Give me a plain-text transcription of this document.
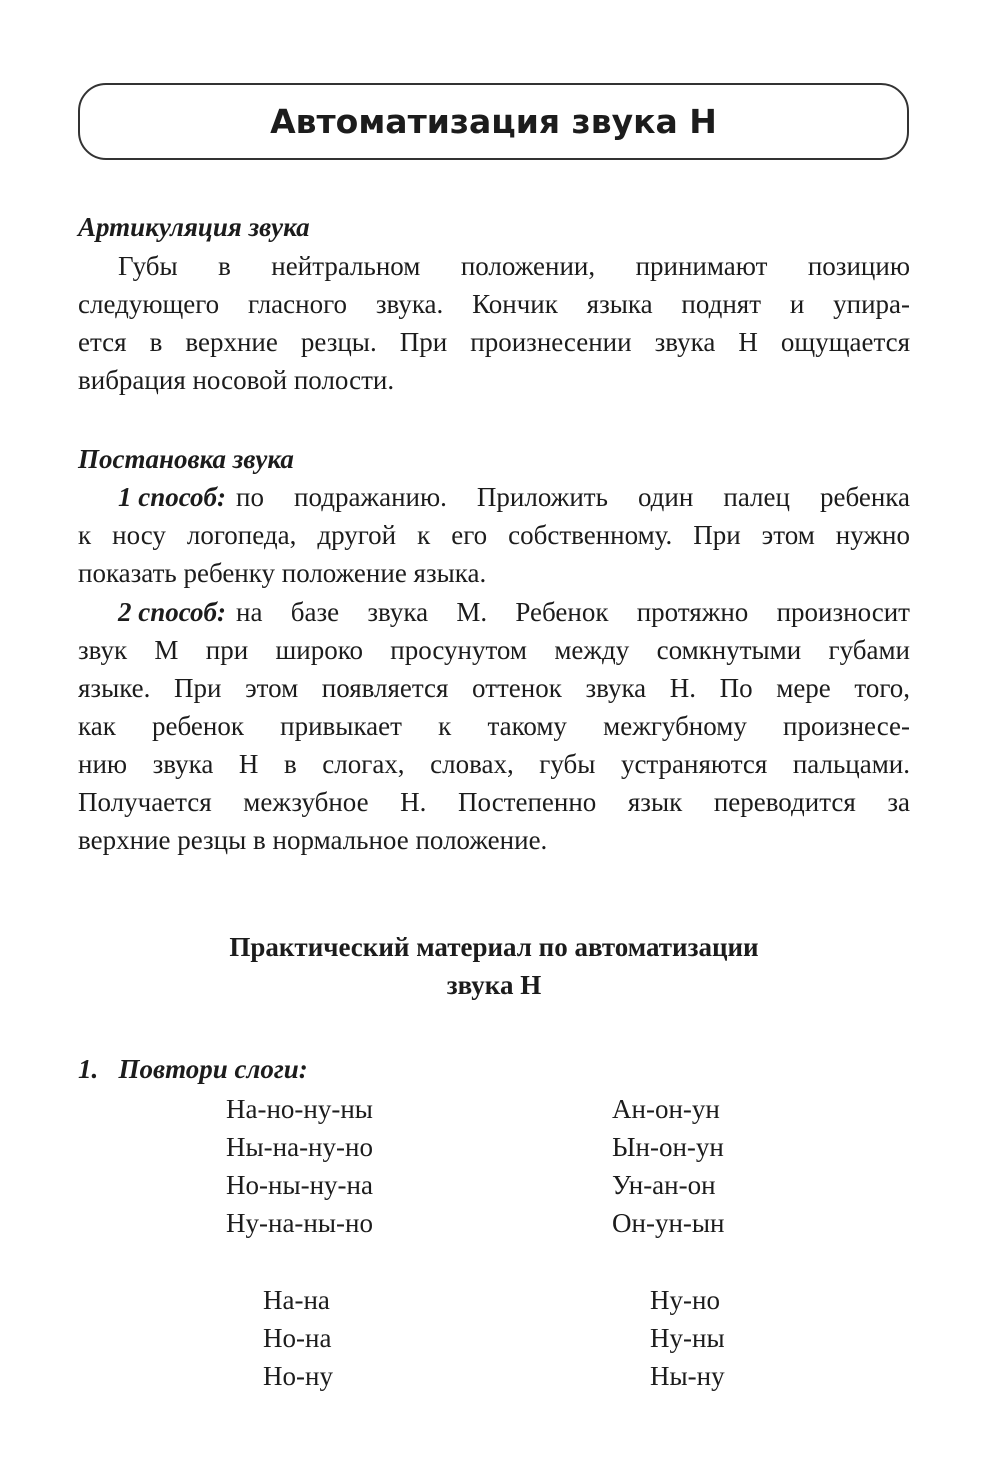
Автоматизация звука Н
Артикуляция звука
Губы в нейтральном положении, принимают позицию
следующего гласного звука. Кончик языка поднят и упира-
ется в верхние резцы. При произнесении звука Н ощущается
вибрация носовой полости.
Постановка звука
1 способ: по подражанию. Приложить один палец ребенка
к носу логопеда, другой к его собственному. При этом нужно
показать ребенку положение языка.
2 способ: на базе звука М. Ребенок протяжно произносит
звук М при широко просунутом между сомкнутыми губами
языке. При этом появляется оттенок звука Н. По мере того,
как ребенок привыкает к такому межгубному произнесе-
нию звука Н в слогах, словах, губы устраняются пальцами.
Получается межзубное Н. Постепенно язык переводится за
верхние резцы в нормальное положение.
Практический материал по автоматизации
звука Н
1. Повтори слоги:
На-но-ну-ны
Ны-на-ну-но
Но-ны-ну-на
Ну-на-ны-но
Ан-он-ун
Ын-он-ун
Ун-ан-он
Он-ун-ын
На-на
Но-на
Но-ну
Ну-но
Ну-ны
Ны-ну
